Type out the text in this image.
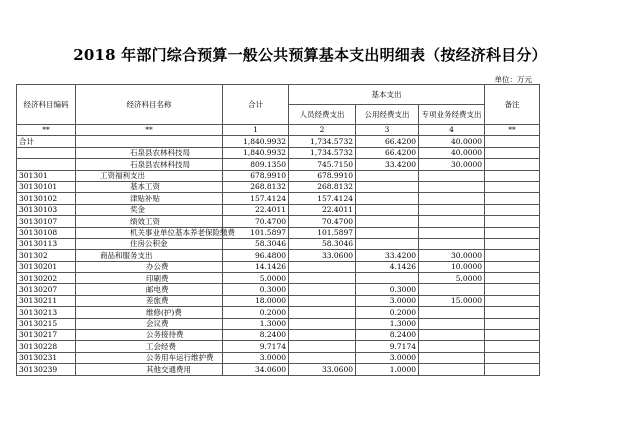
2018 年部门综合预算一般公共预算基本支出明细表（按经济科目分）
单位：万元
经济科目编码	经济科目名称	合计	基本支出			备注
			人员经费支出	公用经费支出	专项业务经费支出	
**	**	1	2	3	4	**
合计		1,840.9932	1,734.5732	66.4200	40.0000	
	石泉县农林科技局	1,840.9932	1,734.5732	66.4200	40.0000	
	石泉县农林科技局	809.1350	745.7150	33.4200	30.0000	
301301	工资福利支出	678.9910	678.9910			
30130101	基本工资	268.8132	268.8132			
30130102	津贴补贴	157.4124	157.4124			
30130103	奖金	22.4011	22.4011			
30130107	绩效工资	70.4700	70.4700			
30130108	机关事业单位基本养老保险缴费	101.5897	101.5897			
30130113	住房公积金	58.3046	58.3046			
301302	商品和服务支出	96.4800	33.0600	33.4200	30.0000	
30130201	办公费	14.1426		4.1426	10.0000	
30130202	印刷费	5.0000			5.0000	
30130207	邮电费	0.3000		0.3000		
30130211	差旅费	18.0000		3.0000	15.0000	
30130213	维修(护)费	0.2000		0.2000		
30130215	会议费	1.3000		1.3000		
30130217	公务接待费	8.2400		8.2400		
30130228	工会经费	9.7174		9.7174		
30130231	公务用车运行维护费	3.0000		3.0000		
30130239	其他交通费用	34.0600	33.0600	1.0000		
